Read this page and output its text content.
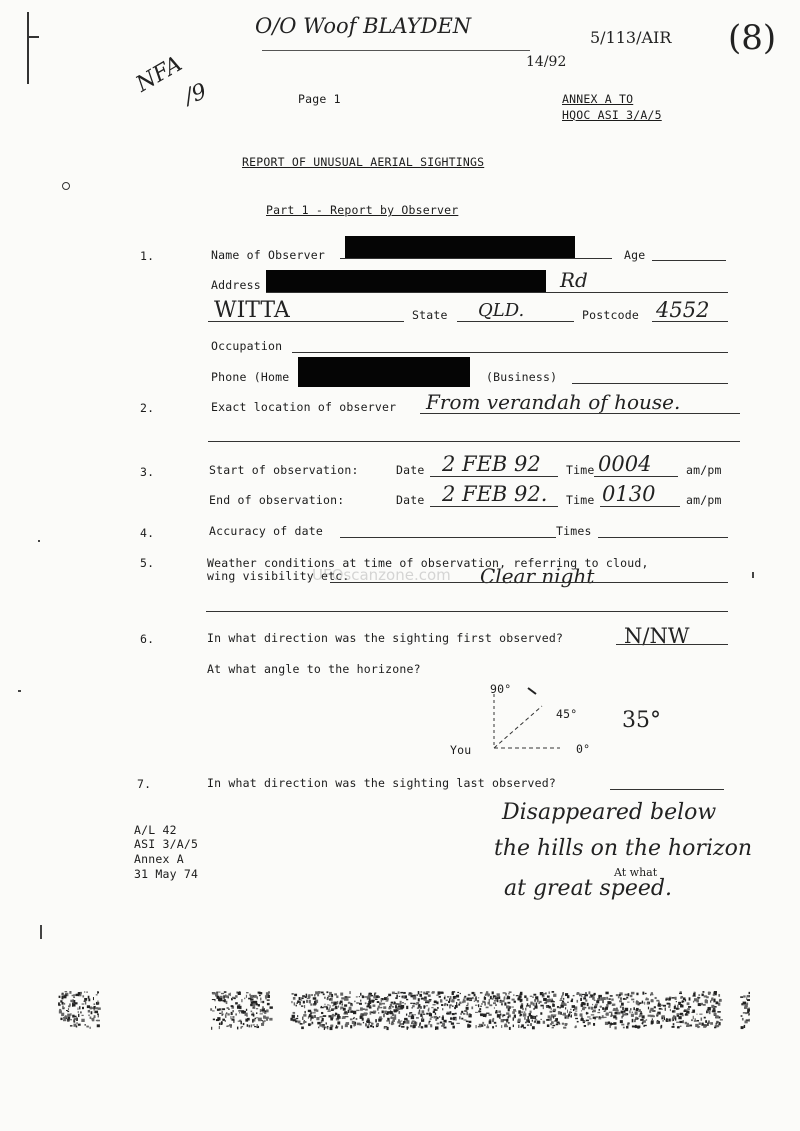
O/O Woof BLAYDEN	5/113/AIR
14/92
(8)
NFA
/9	Page 1	ANNEX A TO
HQOC ASI 3/A/5
REPORT OF UNUSUAL AERIAL SIGHTINGS
Part 1 - Report by Observer
1.	Name of Observer	Age
Address	Rd
WITTA	State QLD.	Postcode 4552
Occupation
Phone (Home	(Business)
2.	Exact location of observer From verandah of house.
3.	Start of observation:	Date 2 FEB 92 Time 0004	am/pm
End of observation:	Date 2 FEB 92. Time 0130	am/pm
4.	Accuracy of date	Times
5.	Weather conditions at time of observation, referring to cloud,
wing visibility etc.
UFOscanzone.com Clear night
6.	In what direction was the sighting first observed?	N/NW
At what angle to the horizone?
90°
45°
0°
You
35°
7.	In what direction was the sighting last observed?
Disappeared below
the hills on the horizon
At what
at great speed.
A/L 42
ASI 3/A/5
Annex A
31 May 74
